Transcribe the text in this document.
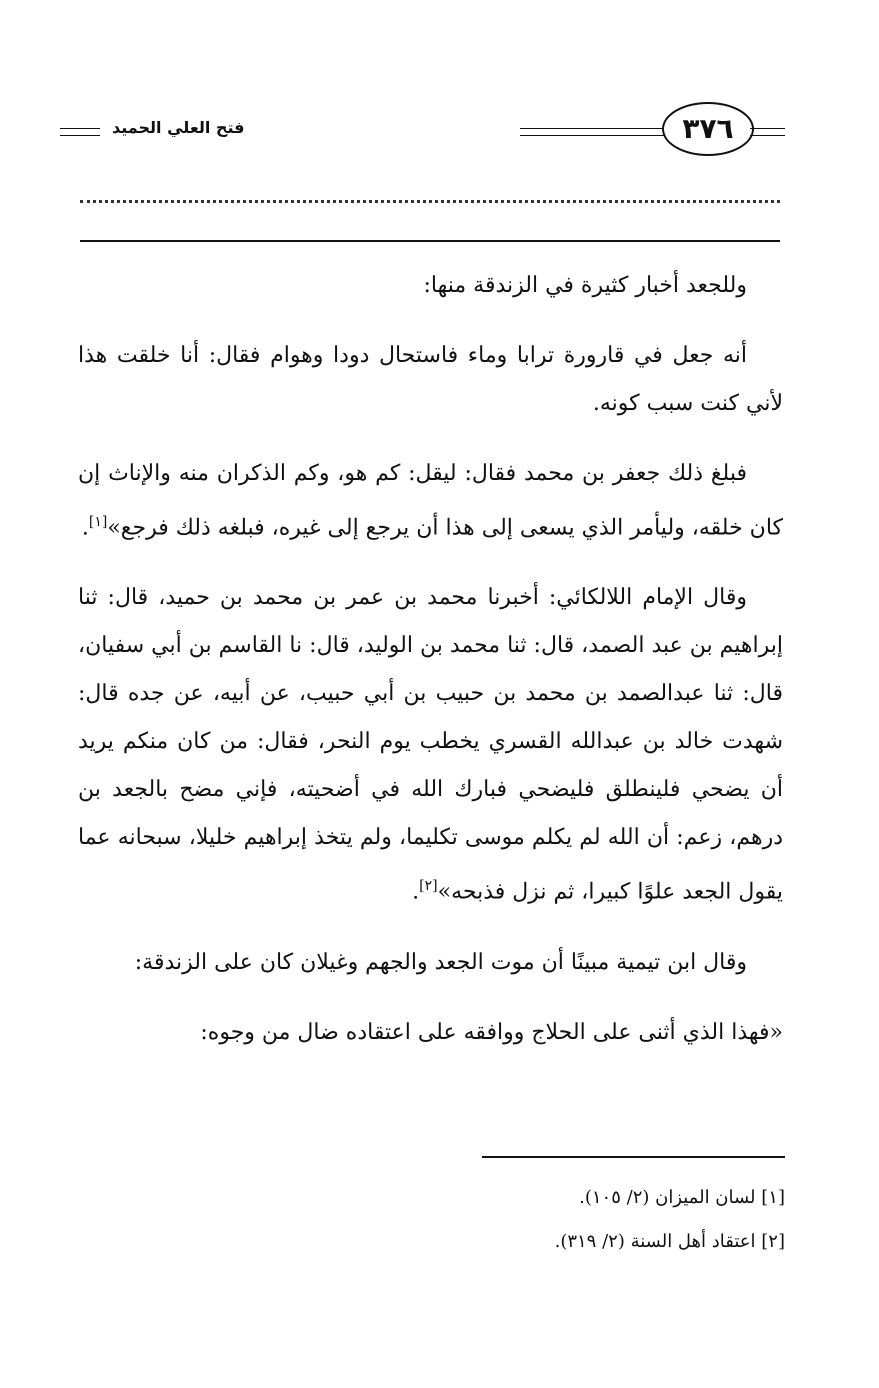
فتح العلي الحميد	٣٧٦

وللجعد أخبار كثيرة في الزندقة منها:

أنه جعل في قارورة ترابا وماء فاستحال دودا وهوام فقال: أنا خلقت هذا لأني كنت سبب كونه.

فبلغ ذلك جعفر بن محمد فقال: ليقل: كم هو، وكم الذكران منه والإناث إن كان خلقه، وليأمر الذي يسعى إلى هذا أن يرجع إلى غيره، فبلغه ذلك فرجع»[١].

وقال الإمام اللالكائي: أخبرنا محمد بن عمر بن محمد بن حميد، قال: ثنا إبراهيم بن عبد الصمد، قال: ثنا محمد بن الوليد، قال: نا القاسم بن أبي سفيان، قال: ثنا عبدالصمد بن محمد بن حبيب بن أبي حبيب، عن أبيه، عن جده قال: شهدت خالد بن عبدالله القسري يخطب يوم النحر، فقال: من كان منكم يريد أن يضحي فلينطلق فليضحي فبارك الله في أضحيته، فإني مضح بالجعد بن درهم، زعم: أن الله لم يكلم موسى تكليما، ولم يتخذ إبراهيم خليلا، سبحانه عما يقول الجعد علوًا كبيرا، ثم نزل فذبحه»[٢].

وقال ابن تيمية مبينًا أن موت الجعد والجهم وغيلان كان على الزندقة:

«فهذا الذي أثنى على الحلاج ووافقه على اعتقاده ضال من وجوه:

[١] لسان الميزان (٢/ ١٠٥).
[٢] اعتقاد أهل السنة (٢/ ٣١٩).
